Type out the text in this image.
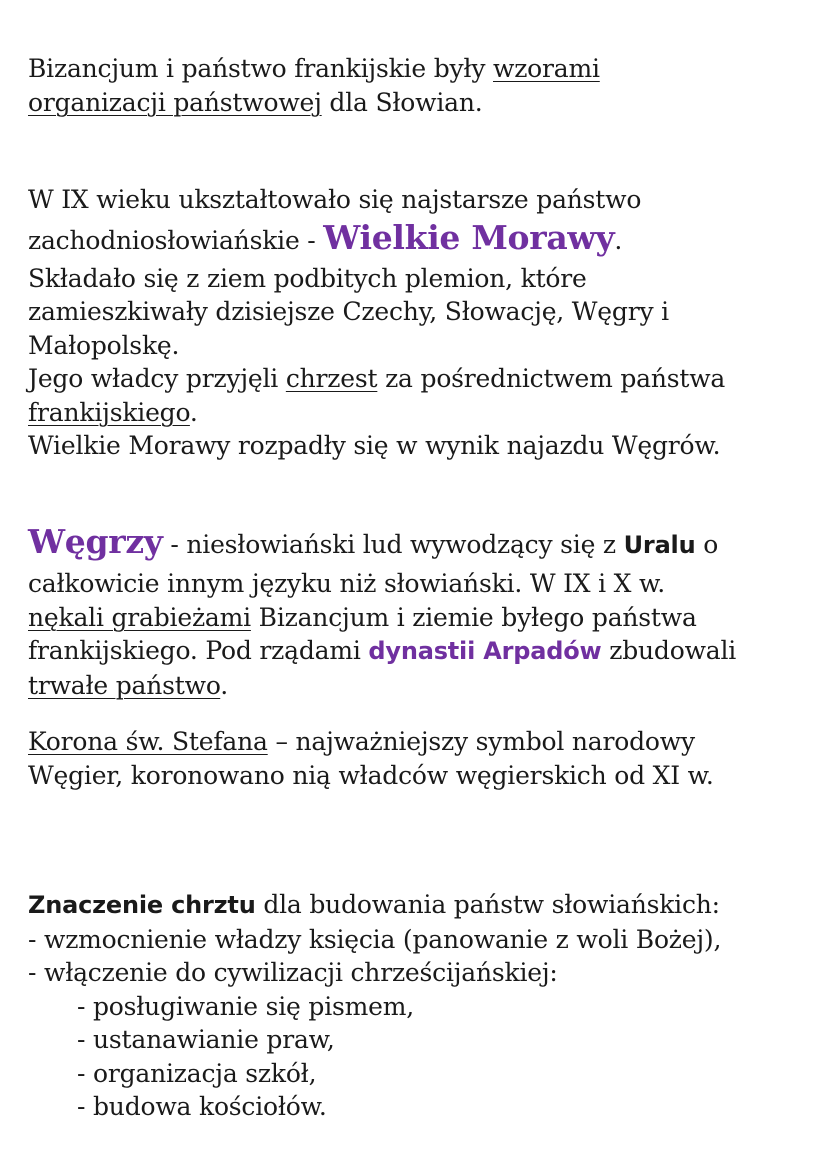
Bizancjum i państwo frankijskie były wzorami
organizacji państwowej dla Słowian.

W IX wieku ukształtowało się najstarsze państwo
zachodniosłowiańskie - Wielkie Morawy.
Składało się z ziem podbitych plemion, które
zamieszkiwały dzisiejsze Czechy, Słowację, Węgry i
Małopolskę.
Jego władcy przyjęli chrzest za pośrednictwem państwa
frankijskiego.
Wielkie Morawy rozpadły się w wynik najazdu Węgrów.

Węgrzy - niesłowiański lud wywodzący się z Uralu o
całkowicie innym języku niż słowiański. W IX i X w.
nękali grabieżami Bizancjum i ziemie byłego państwa
frankijskiego. Pod rządami dynastii Arpadów zbudowali
trwałe państwo.

Korona św. Stefana – najważniejszy symbol narodowy
Węgier, koronowano nią władców węgierskich od XI w.

Znaczenie chrztu dla budowania państw słowiańskich:
- wzmocnienie władzy księcia (panowanie z woli Bożej),
- włączenie do cywilizacji chrześcijańskiej:
- posługiwanie się pismem,
- ustanawianie praw,
- organizacja szkół,
- budowa kościołów.
